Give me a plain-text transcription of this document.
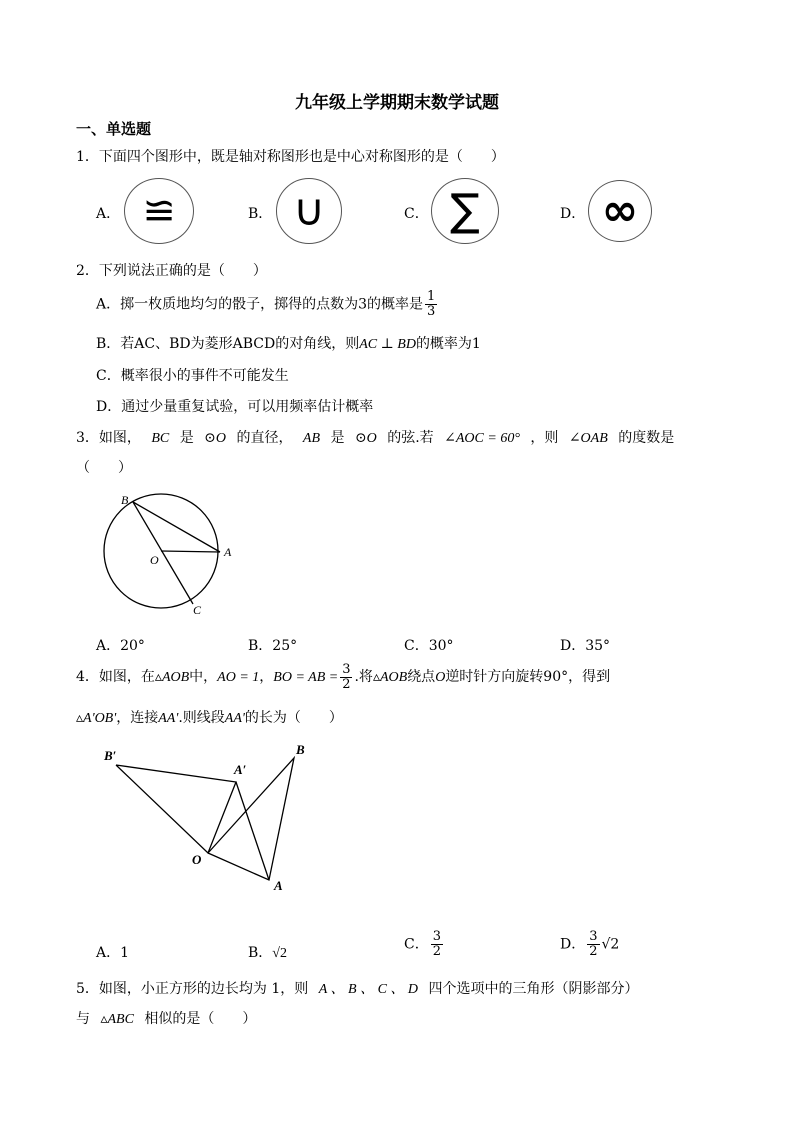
九年级上学期期末数学试题
一、单选题
1．下面四个图形中，既是轴对称图形也是中心对称图形的是（　　）
A． ≌	B． ∪	C． ∑	D． ∞
2．下列说法正确的是（　　）
A．掷一枚质地均匀的骰子，掷得的点数为3的概率是 $\frac{1}{3}$
B．若AC、BD为菱形ABCD的对角线，则AC ⊥ BD的概率为1
C．概率很小的事件不可能发生
D．通过少量重复试验，可以用频率估计概率
3．如图， BC 是 ⊙O 的直径， AB 是 ⊙O 的弦.若 ∠AOC = 60° ，则 ∠OAB 的度数是
（　　）
B
A
O
C
A．20°	B．25°	C．30°	D．35°
4．如图，在▵AOB中，AO = 1，BO = AB = $\frac{3}{2}$ .将▵AOB绕点O逆时针方向旋转90°，得到
▵A'OB'，连接AA'.则线段AA'的长为（　　）
B′
A′
B
O
A
A．1	B．√2
C． $\frac{3}{2}$	D． $\frac{3}{2} √2$
5．如图，小正方形的边长均为 1，则 A 、 B 、 C 、 D 四个选项中的三角形（阴影部分）
与 ▵ABC 相似的是（　　）
